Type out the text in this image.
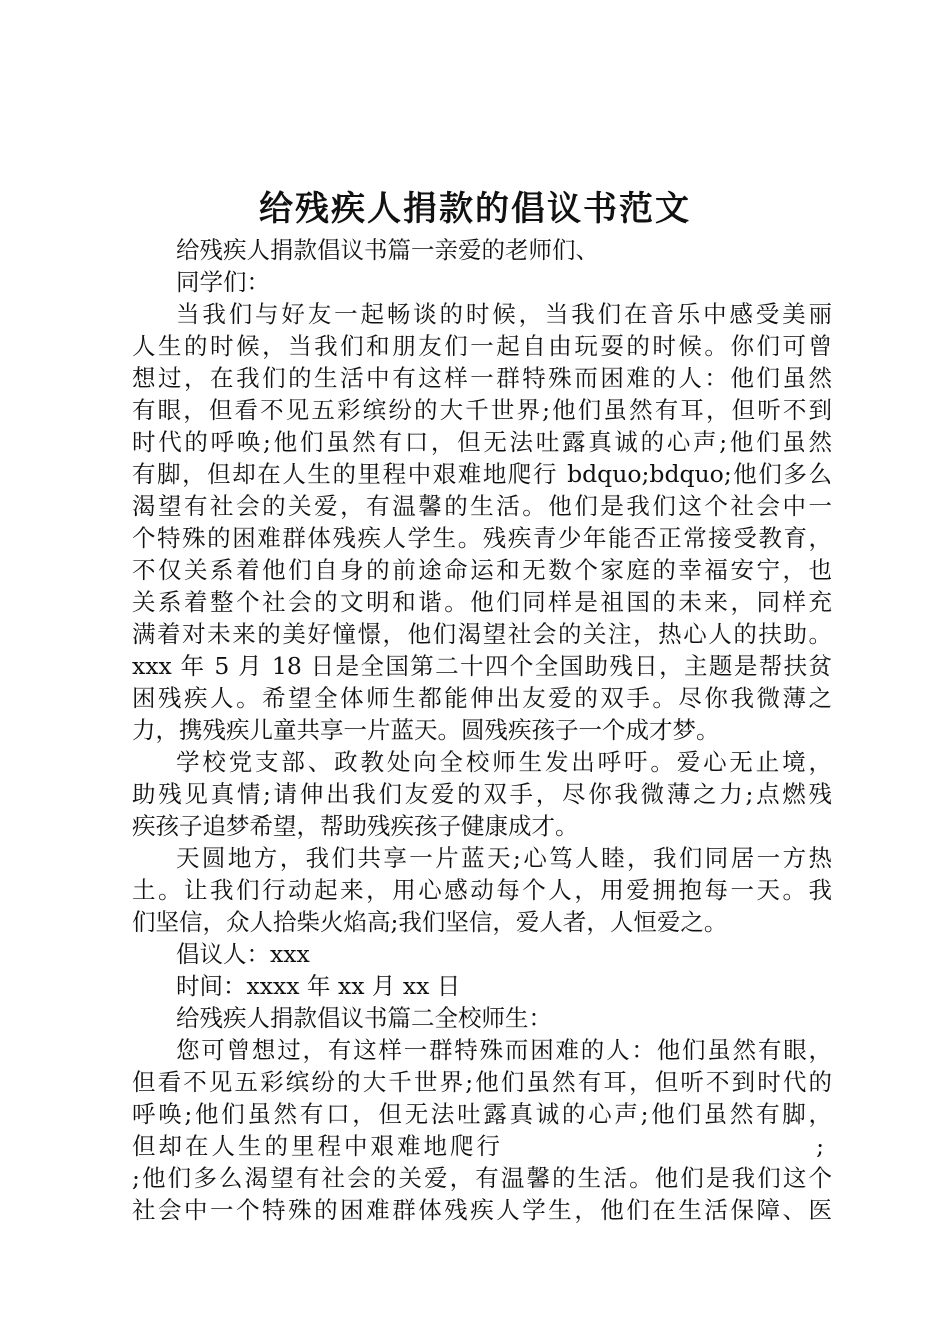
给残疾人捐款的倡议书范文
给残疾人捐款倡议书篇一亲爱的老师们、
同学们：
当我们与好友一起畅谈的时候，当我们在音乐中感受美丽
人生的时候，当我们和朋友们一起自由玩耍的时候。你们可曾
想过，在我们的生活中有这样一群特殊而困难的人：他们虽然
有眼，但看不见五彩缤纷的大千世界;他们虽然有耳，但听不到
时代的呼唤;他们虽然有口，但无法吐露真诚的心声;他们虽然
有脚，但却在人生的里程中艰难地爬行 bdquo;bdquo;他们多么
渴望有社会的关爱，有温馨的生活。他们是我们这个社会中一
个特殊的困难群体残疾人学生。残疾青少年能否正常接受教育，
不仅关系着他们自身的前途命运和无数个家庭的幸福安宁，也
关系着整个社会的文明和谐。他们同样是祖国的未来，同样充
满着对未来的美好憧憬，他们渴望社会的关注，热心人的扶助。
xxx 年 5 月 18 日是全国第二十四个全国助残日，主题是帮扶贫
困残疾人。希望全体师生都能伸出友爱的双手。尽你我微薄之
力，携残疾儿童共享一片蓝天。圆残疾孩子一个成才梦。
学校党支部、政教处向全校师生发出呼吁。爱心无止境，
助残见真情;请伸出我们友爱的双手，尽你我微薄之力;点燃残
疾孩子追梦希望，帮助残疾孩子健康成才。
天圆地方，我们共享一片蓝天;心笃人睦，我们同居一方热
土。让我们行动起来，用心感动每个人，用爱拥抱每一天。我
们坚信，众人拾柴火焰高;我们坚信，爱人者，人恒爱之。
倡议人：xxx
时间：xxxx 年 xx 月 xx 日
给残疾人捐款倡议书篇二全校师生：
您可曾想过，有这样一群特殊而困难的人：他们虽然有眼，
但看不见五彩缤纷的大千世界;他们虽然有耳，但听不到时代的
呼唤;他们虽然有口，但无法吐露真诚的心声;他们虽然有脚，
但却在人生的里程中艰难地爬行	;
;他们多么渴望有社会的关爱，有温馨的生活。他们是我们这个
社会中一个特殊的困难群体残疾人学生，他们在生活保障、医
